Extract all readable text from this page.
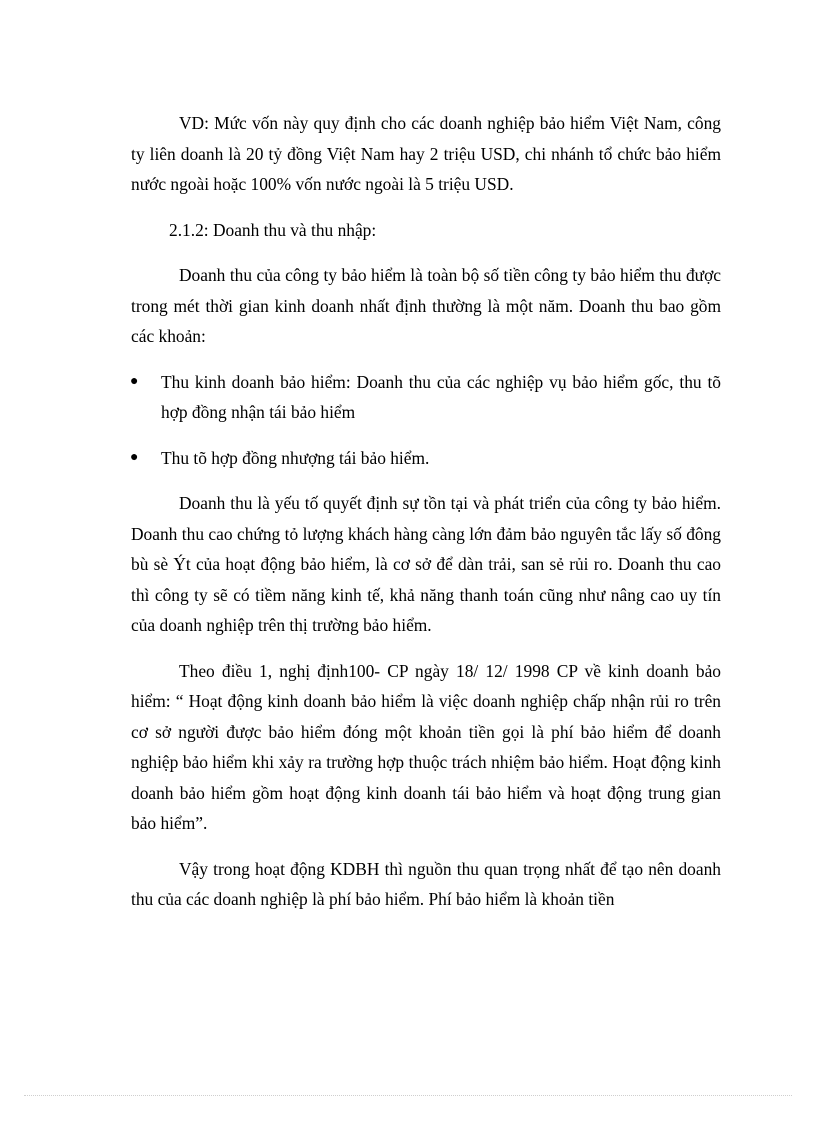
VD: Mức vốn này quy định cho các doanh nghiệp bảo hiểm Việt Nam, công ty liên doanh là 20 tỷ đồng Việt Nam hay 2 triệu USD, chi nhánh tổ chức bảo hiểm nước ngoài hoặc 100% vốn nước ngoài là 5 triệu USD.

2.1.2: Doanh thu và thu nhập:

Doanh thu của công ty bảo hiểm là toàn bộ số tiền công ty bảo hiểm thu được trong mét thời gian kinh doanh nhất định thường là một năm. Doanh thu bao gồm các khoản:

● Thu kinh doanh bảo hiểm: Doanh thu của các nghiệp vụ bảo hiểm gốc, thu tõ hợp đồng nhận tái bảo hiểm
● Thu tõ hợp đồng nhượng tái bảo hiểm.

Doanh thu là yếu tố quyết định sự tồn tại và phát triển của công ty bảo hiểm. Doanh thu cao chứng tỏ lượng khách hàng càng lớn đảm bảo nguyên tắc lấy số đông bù sè Ýt của hoạt động bảo hiểm, là cơ sở để dàn trải, san sẻ rủi ro. Doanh thu cao thì công ty sẽ có tiềm năng kinh tế, khả năng thanh toán cũng như nâng cao uy tín của doanh nghiệp trên thị trường bảo hiểm.

Theo điều 1, nghị định100- CP ngày 18/ 12/ 1998 CP về kinh doanh bảo hiểm: “ Hoạt động kinh doanh bảo hiểm là việc doanh nghiệp chấp nhận rủi ro trên cơ sở người được bảo hiểm đóng một khoản tiền gọi là phí bảo hiểm để doanh nghiệp bảo hiểm khi xảy ra trường hợp thuộc trách nhiệm bảo hiểm. Hoạt động kinh doanh bảo hiểm gồm hoạt động kinh doanh tái bảo hiểm và hoạt động trung gian bảo hiểm”.

Vậy trong hoạt động KDBH thì nguồn thu quan trọng nhất để tạo nên doanh thu của các doanh nghiệp là phí bảo hiểm. Phí bảo hiểm là khoản tiền
